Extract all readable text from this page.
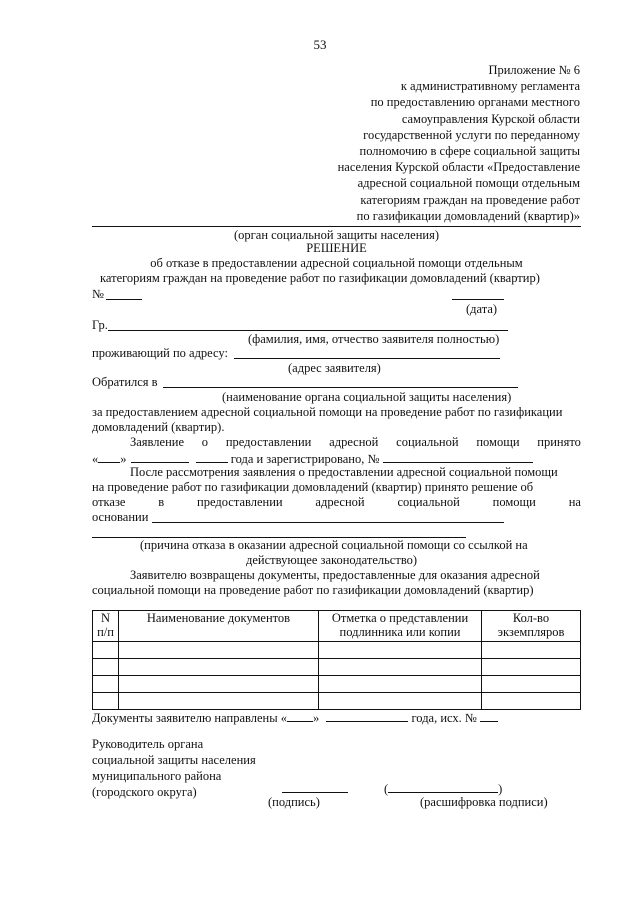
53
Приложение № 6
к административному регламента
по предоставлению органами местного
самоуправления Курской области
государственной услуги по переданному
полномочию в сфере социальной защиты
населения Курской области «Предоставление
адресной социальной помощи отдельным
категориям граждан на проведение работ
по газификации домовладений (квартир)»
(орган социальной защиты населения)
РЕШЕНИЕ
об отказе в предоставлении адресной социальной помощи отдельным
категориям граждан на проведение работ по газификации домовладений (квартир)
№
(дата)
Гр.
(фамилия, имя, отчество заявителя полностью)
проживающий по адресу:
(адрес заявителя)
Обратился в
(наименование органа социальной защиты населения)
за предоставлением адресной социальной помощи на проведение работ по газификации
домовладений (квартир).
Заявление о предоставлении адресной социальной помощи принято
« »	года и зарегистрировано, №
После рассмотрения заявления о предоставлении адресной социальной помощи
на проведение работ по газификации домовладений (квартир) принято решение об
отказе	в	предоставлении	адресной	социальной	помощи	на
основании
(причина отказа в оказании адресной социальной помощи со ссылкой на
действующее законодательство)
Заявителю возвращены документы, предоставленные для оказания адресной
социальной помощи на проведение работ по газификации домовладений (квартир)
N п/п	Наименование документов	Отметка о представлении подлинника или копии	Кол-во экземпляров

Документы заявителю направлены « »	года, исх. №
Руководитель органа
социальной защиты населения
муниципального района
(городского округа)
(подпись)
(	)
(расшифровка подписи)
